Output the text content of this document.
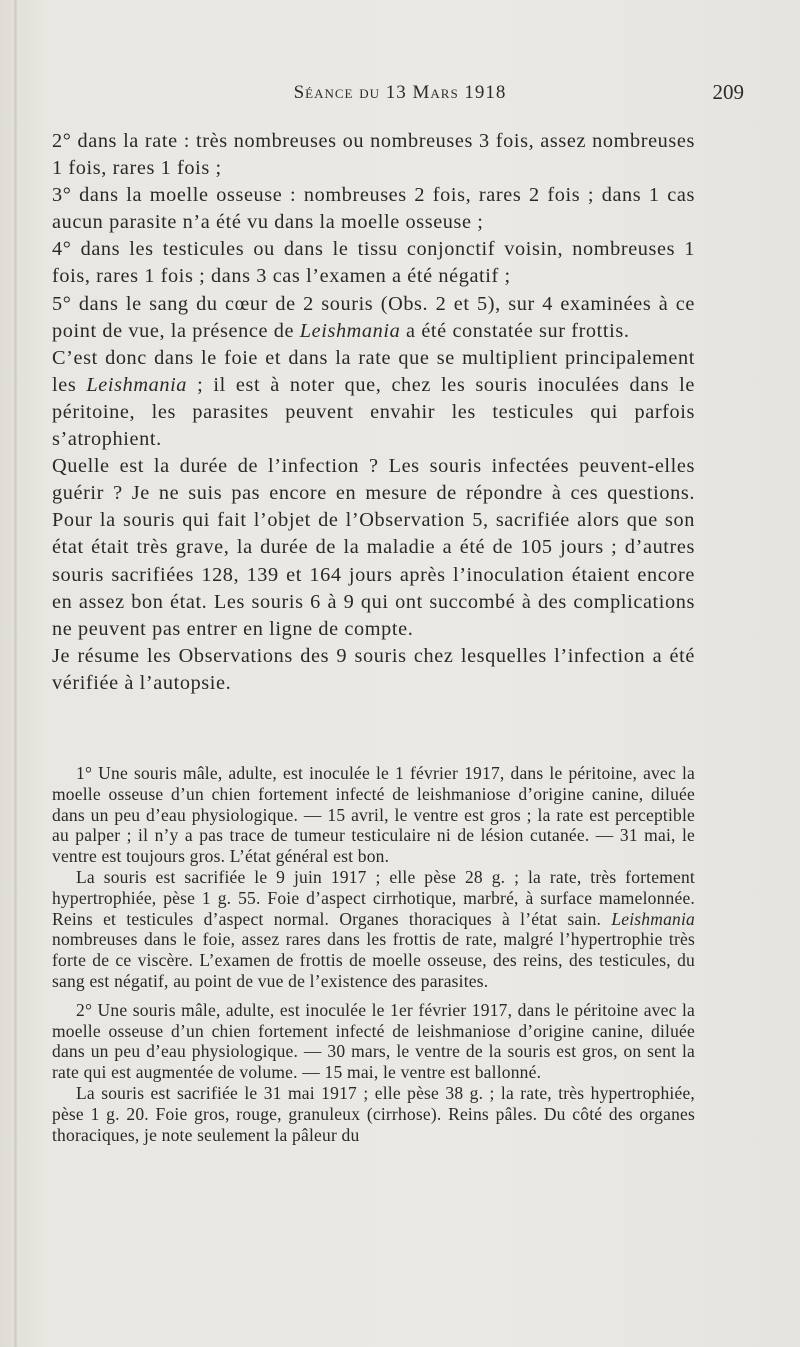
Séance du 13 Mars 1918	209

2° dans la rate : très nombreuses ou nombreuses 3 fois, assez nombreuses 1 fois, rares 1 fois ;

3° dans la moelle osseuse : nombreuses 2 fois, rares 2 fois ; dans 1 cas aucun parasite n’a été vu dans la moelle osseuse ;

4° dans les testicules ou dans le tissu conjonctif voisin, nombreuses 1 fois, rares 1 fois ; dans 3 cas l’examen a été négatif ;

5° dans le sang du cœur de 2 souris (Obs. 2 et 5), sur 4 examinées à ce point de vue, la présence de Leishmania a été constatée sur frottis.

C’est donc dans le foie et dans la rate que se multiplient principalement les Leishmania ; il est à noter que, chez les souris inoculées dans le péritoine, les parasites peuvent envahir les testicules qui parfois s’atrophient.

Quelle est la durée de l’infection ? Les souris infectées peuvent-elles guérir ? Je ne suis pas encore en mesure de répondre à ces questions. Pour la souris qui fait l’objet de l’Observation 5, sacrifiée alors que son état était très grave, la durée de la maladie a été de 105 jours ; d’autres souris sacrifiées 128, 139 et 164 jours après l’inoculation étaient encore en assez bon état. Les souris 6 à 9 qui ont succombé à des complications ne peuvent pas entrer en ligne de compte.

Je résume les Observations des 9 souris chez lesquelles l’infection a été vérifiée à l’autopsie.

1° Une souris mâle, adulte, est inoculée le 1 février 1917, dans le péritoine, avec la moelle osseuse d’un chien fortement infecté de leishmaniose d’origine canine, diluée dans un peu d’eau physiologique. — 15 avril, le ventre est gros ; la rate est perceptible au palper ; il n’y a pas trace de tumeur testiculaire ni de lésion cutanée. — 31 mai, le ventre est toujours gros. L’état général est bon.

La souris est sacrifiée le 9 juin 1917 ; elle pèse 28 g. ; la rate, très fortement hypertrophiée, pèse 1 g. 55. Foie d’aspect cirrhotique, marbré, à surface mamelonnée. Reins et testicules d’aspect normal. Organes thoraciques à l’état sain. Leishmania nombreuses dans le foie, assez rares dans les frottis de rate, malgré l’hypertrophie très forte de ce viscère. L’examen de frottis de moelle osseuse, des reins, des testicules, du sang est négatif, au point de vue de l’existence des parasites.

2° Une souris mâle, adulte, est inoculée le 1er février 1917, dans le péritoine avec la moelle osseuse d’un chien fortement infecté de leishmaniose d’origine canine, diluée dans un peu d’eau physiologique. — 30 mars, le ventre de la souris est gros, on sent la rate qui est augmentée de volume. — 15 mai, le ventre est ballonné.

La souris est sacrifiée le 31 mai 1917 ; elle pèse 38 g. ; la rate, très hypertrophiée, pèse 1 g. 20. Foie gros, rouge, granuleux (cirrhose). Reins pâles. Du côté des organes thoraciques, je note seulement la pâleur du
